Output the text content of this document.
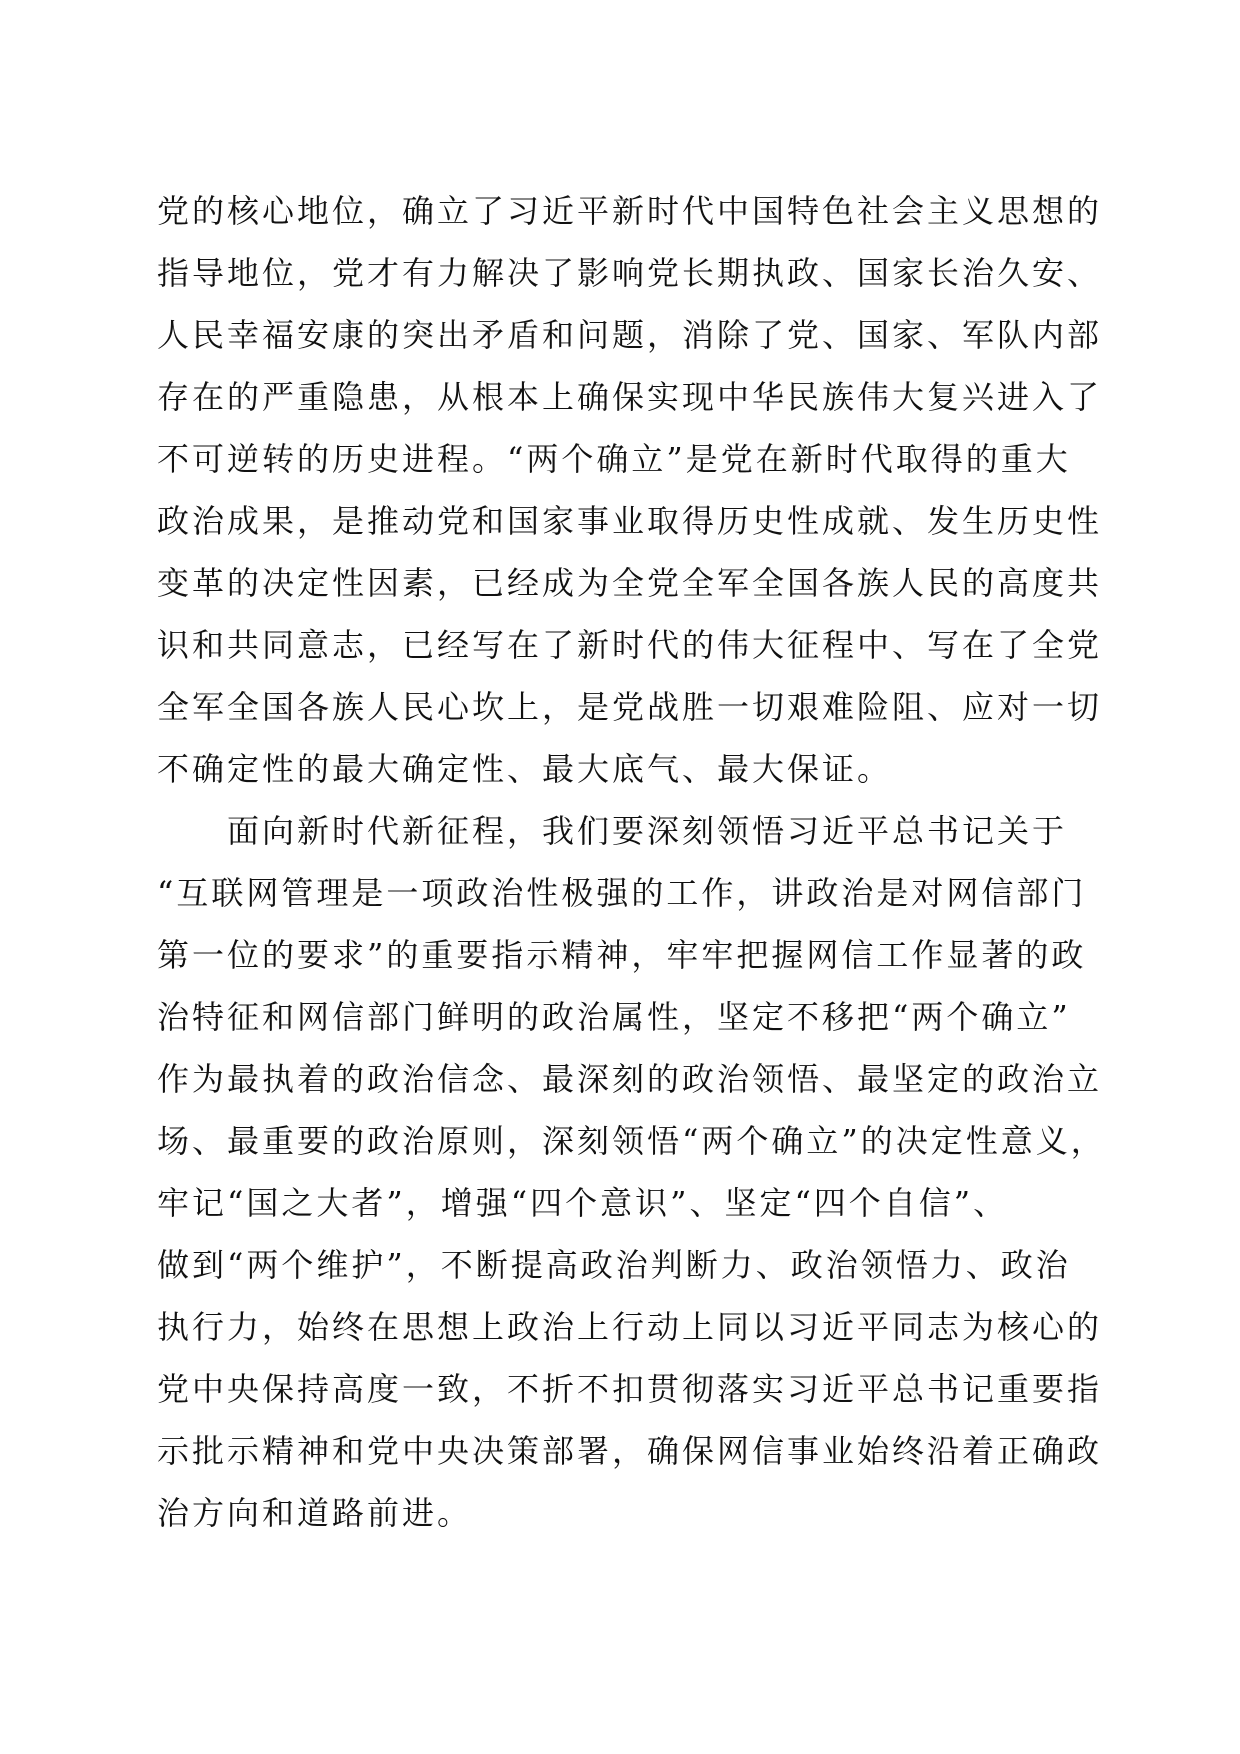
党的核心地位，确立了习近平新时代中国特色社会主义思想的
指导地位，党才有力解决了影响党长期执政、国家长治久安、
人民幸福安康的突出矛盾和问题，消除了党、国家、军队内部
存在的严重隐患，从根本上确保实现中华民族伟大复兴进入了
不可逆转的历史进程。“两个确立”是党在新时代取得的重大
政治成果，是推动党和国家事业取得历史性成就、发生历史性
变革的决定性因素，已经成为全党全军全国各族人民的高度共
识和共同意志，已经写在了新时代的伟大征程中、写在了全党
全军全国各族人民心坎上，是党战胜一切艰难险阻、应对一切
不确定性的最大确定性、最大底气、最大保证。
面向新时代新征程，我们要深刻领悟习近平总书记关于
“互联网管理是一项政治性极强的工作，讲政治是对网信部门
第一位的要求”的重要指示精神，牢牢把握网信工作显著的政
治特征和网信部门鲜明的政治属性，坚定不移把“两个确立”
作为最执着的政治信念、最深刻的政治领悟、最坚定的政治立
场、最重要的政治原则，深刻领悟“两个确立”的决定性意义，
牢记“国之大者”，增强“四个意识”、坚定“四个自信”、
做到“两个维护”，不断提高政治判断力、政治领悟力、政治
执行力，始终在思想上政治上行动上同以习近平同志为核心的
党中央保持高度一致，不折不扣贯彻落实习近平总书记重要指
示批示精神和党中央决策部署，确保网信事业始终沿着正确政
治方向和道路前进。
